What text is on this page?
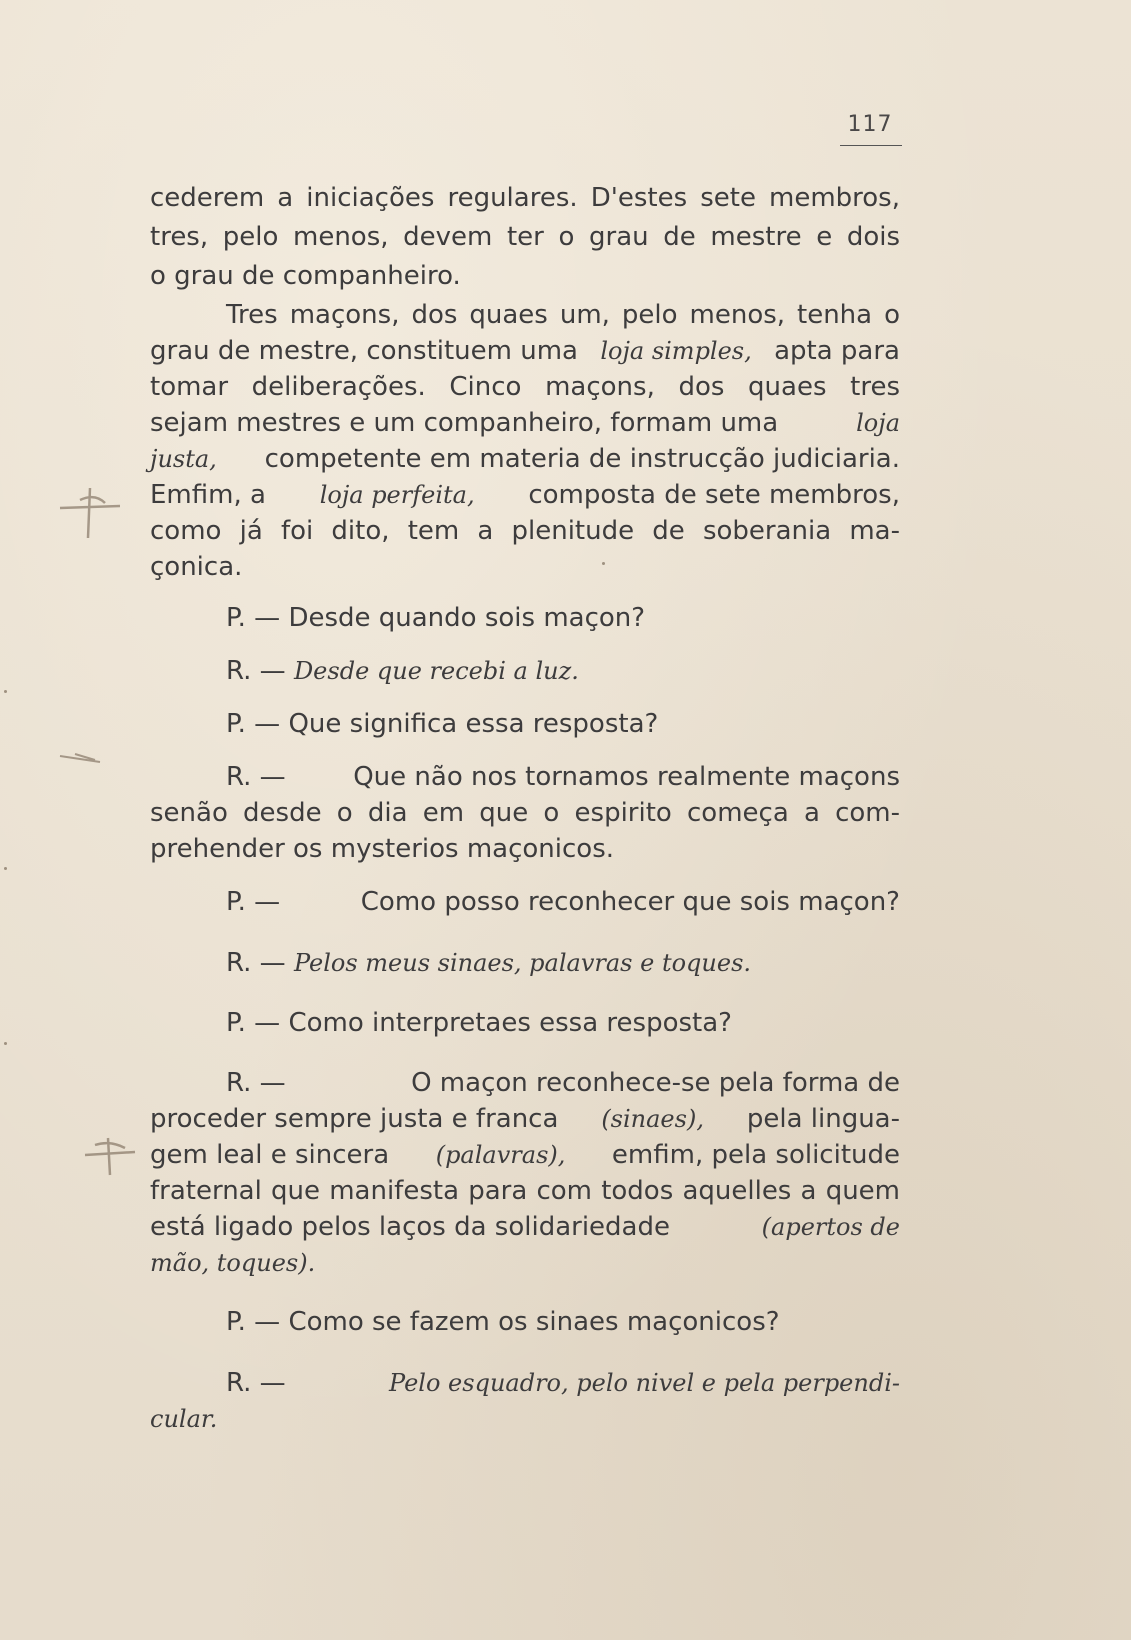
117
cederem a iniciações regulares. D'estes sete membros,
tres, pelo menos, devem ter o grau de mestre e dois
o grau de companheiro.
Tres maçons, dos quaes um, pelo menos, tenha o
grau de mestre, constituem uma loja simples, apta para
tomar deliberações. Cinco maçons, dos quaes tres
sejam mestres e um companheiro, formam uma	loja
justa, competente em materia de instrucção judiciaria.
Emfim, a loja perfeita, composta de sete membros,
como já foi dito, tem a plenitude de soberania ma-
çonica.
P. — Desde quando sois maçon?
R. — Desde que recebi a luz.
P. — Que significa essa resposta?
R. —	Que não nos tornamos realmente maçons
senão desde o dia em que o espirito começa a com-
prehender os mysterios maçonicos.
P. —	Como posso reconhecer que sois maçon?
R. — Pelos meus sinaes, palavras e toques.
P. — Como interpretaes essa resposta?
R. —	O maçon reconhece-se pela forma de
proceder sempre justa e franca (sinaes), pela lingua-
gem leal e sincera (palavras), emfim, pela solicitude
fraternal que manifesta para com todos aquelles a quem
está ligado pelos laços da solidariedade	(apertos de
mão, toques).
P. — Como se fazem os sinaes maçonicos?
R. —	Pelo esquadro, pelo nivel e pela perpendi-
cular.
